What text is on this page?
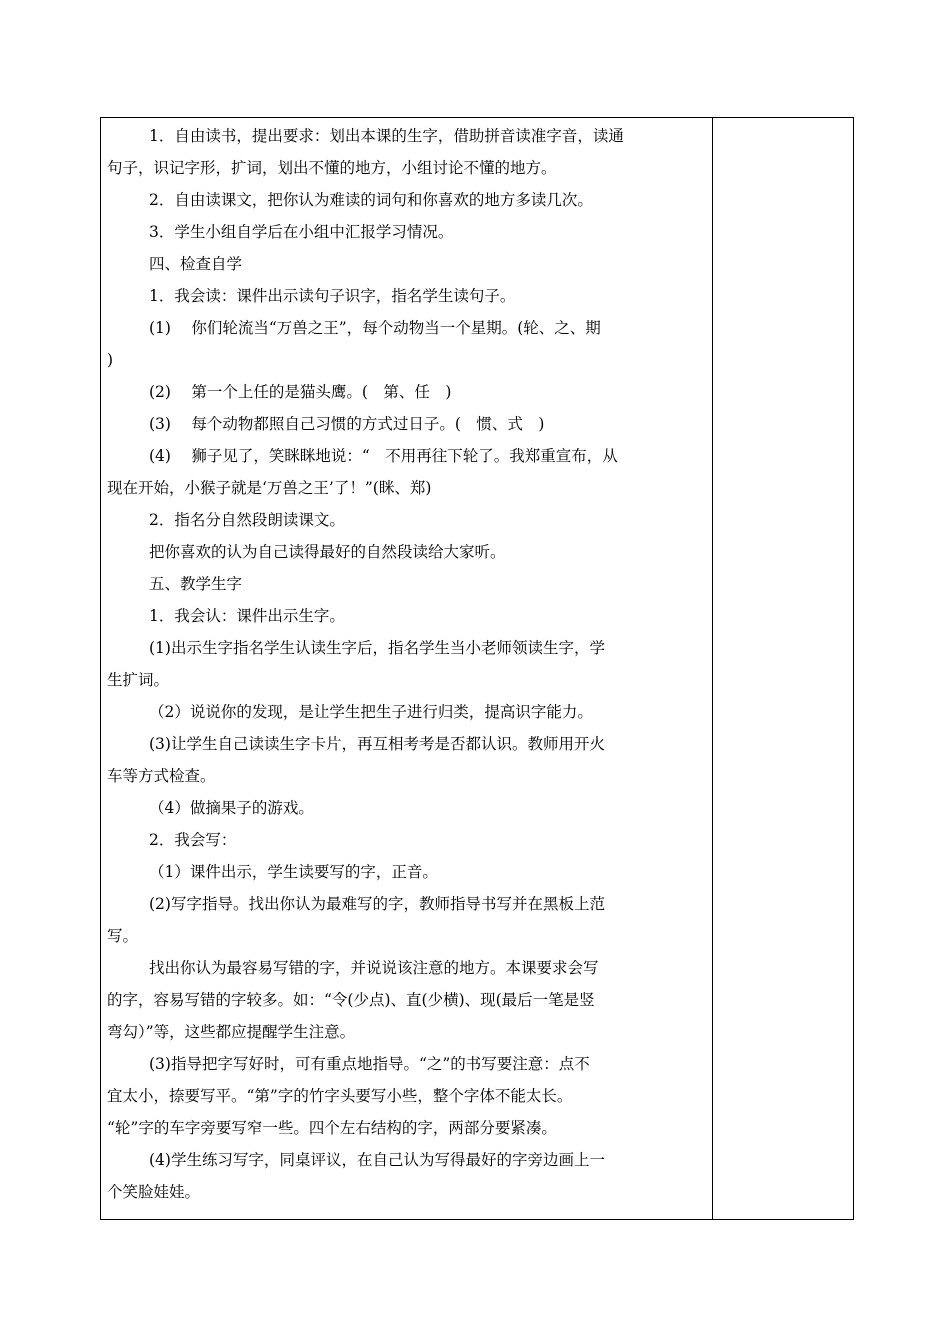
1．自由读书，提出要求：划出本课的生字，借助拼音读准字音，读通

句子，识记字形，扩词，划出不懂的地方，小组讨论不懂的地方。

2．自由读课文，把你认为难读的词句和你喜欢的地方多读几次。

3．学生小组自学后在小组中汇报学习情况。

四、检查自学

1．我会读：课件出示读句子识字，指名学生读句子。

(1)　 你们轮流当“万兽之王”，每个动物当一个星期。(轮、之、期

)

(2)　 第一个上任的是猫头鹰。(　第、任　)

(3)　 每个动物都照自己习惯的方式过日子。(　惯、式　)

(4)　 狮子见了，笑眯眯地说：“　不用再往下轮了。我郑重宣布，从

现在开始，小猴子就是‘万兽之王’了！”(眯、郑)

2．指名分自然段朗读课文。

把你喜欢的认为自己读得最好的自然段读给大家听。

五、教学生字

1．我会认：课件出示生字。

(1)出示生字指名学生认读生字后，指名学生当小老师领读生字，学

生扩词。

（2）说说你的发现，是让学生把生子进行归类，提高识字能力。

(3)让学生自己读读生字卡片，再互相考考是否都认识。教师用开火

车等方式检查。

（4）做摘果子的游戏。

2．我会写：

（1）课件出示，学生读要写的字，正音。

(2)写字指导。找出你认为最难写的字，教师指导书写并在黑板上范

写。

找出你认为最容易写错的字，并说说该注意的地方。本课要求会写

的字，容易写错的字较多。如：“令(少点)、直(少横)、现(最后一笔是竖

弯勾）”等，这些都应提醒学生注意。

(3)指导把字写好时，可有重点地指导。“之”的书写要注意：点不

宜太小，捺要写平。“第”字的竹字头要写小些，整个字体不能太长。

“轮”字的车字旁要写窄一些。四个左右结构的字，两部分要紧凑。

(4)学生练习写字，同桌评议，在自己认为写得最好的字旁边画上一

个笑脸娃娃。
